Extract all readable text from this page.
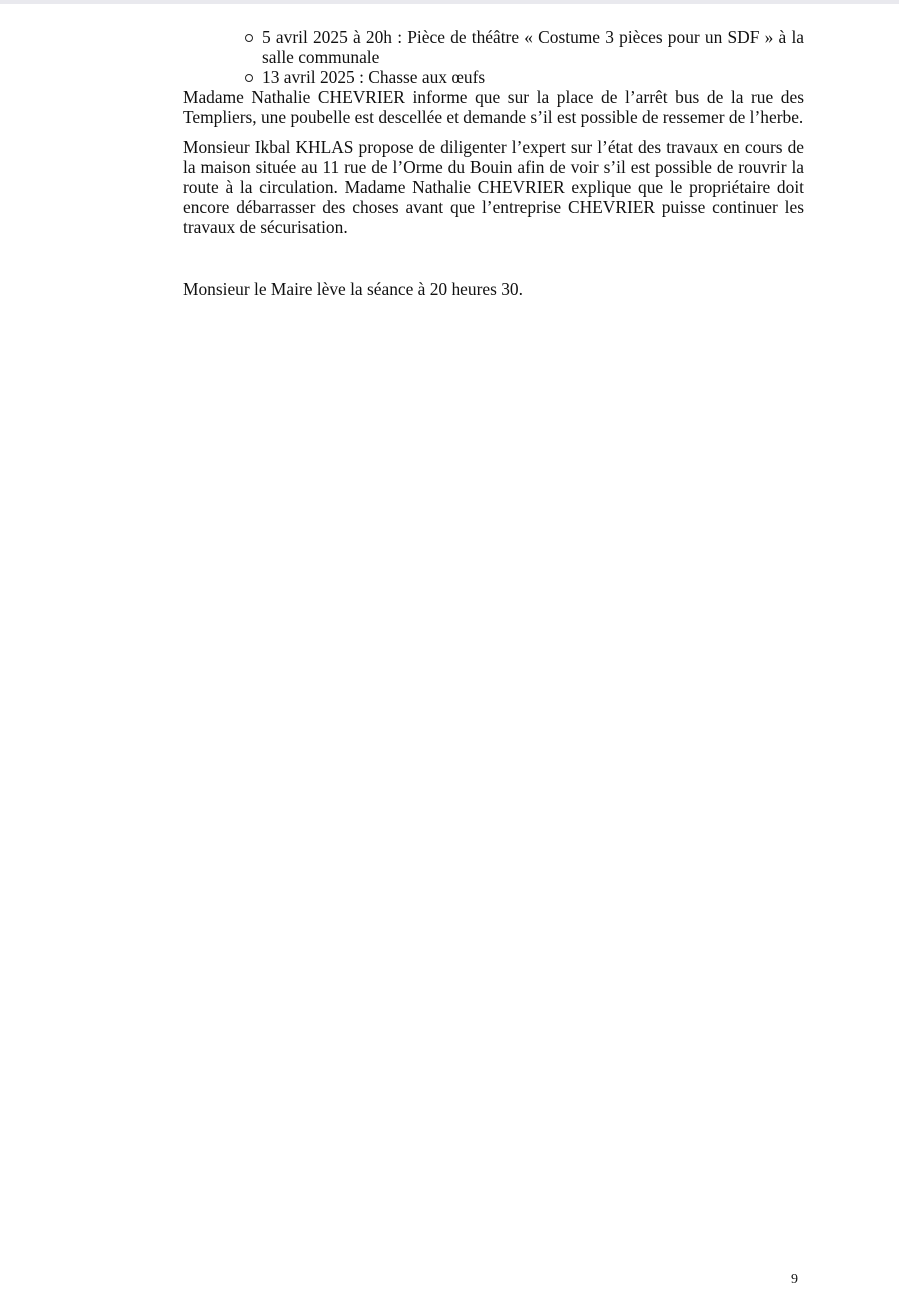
5 avril 2025 à 20h : Pièce de théâtre « Costume 3 pièces pour un SDF » à la salle communale
13 avril 2025 : Chasse aux œufs

Madame Nathalie CHEVRIER informe que sur la place de l’arrêt bus de la rue des Templiers, une poubelle est descellée et demande s’il est possible de ressemer de l’herbe.

Monsieur Ikbal KHLAS propose de diligenter l’expert sur l’état des travaux en cours de la maison située au 11 rue de l’Orme du Bouin afin de voir s’il est possible de rouvrir la route à la circulation. Madame Nathalie CHEVRIER explique que le propriétaire doit encore débarrasser des choses avant que l’entreprise CHEVRIER puisse continuer les travaux de sécurisation.

Monsieur le Maire lève la séance à 20 heures 30.

9
